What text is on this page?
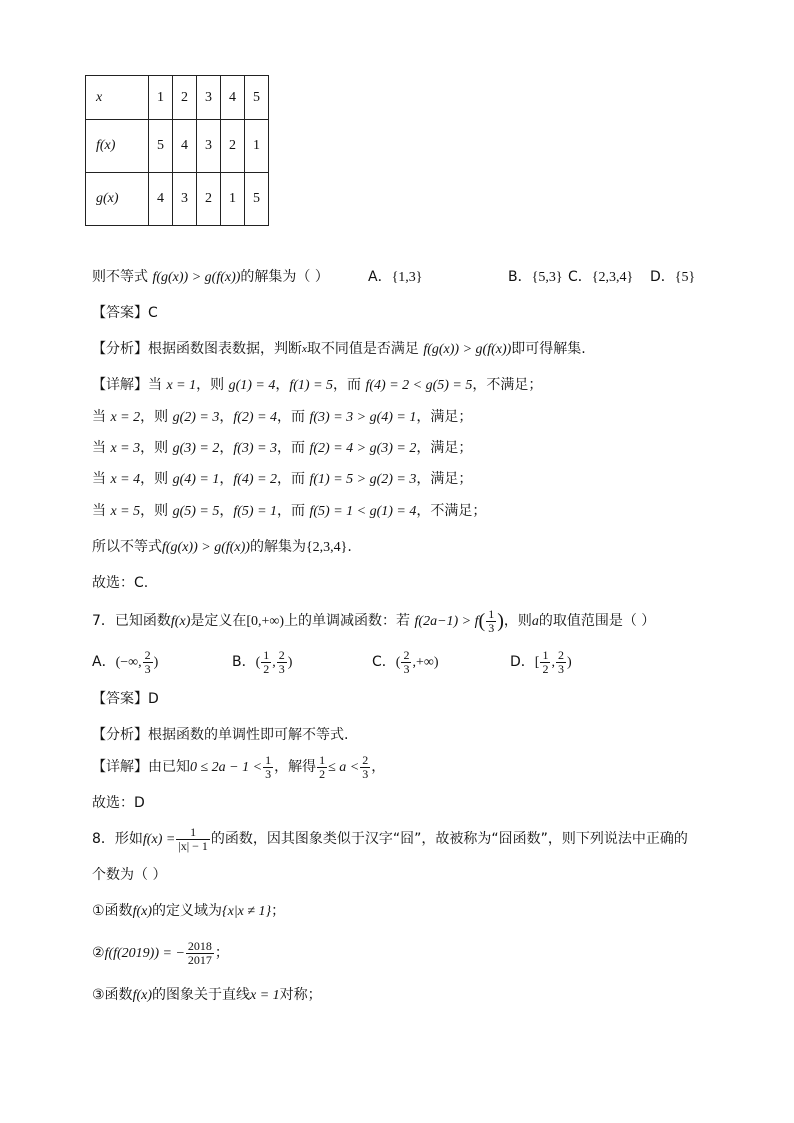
x	1	2	3	4	5
f(x)	5	4	3	2	1
g(x)	4	3	2	1	5
则不等式 f(g(x)) > g(f(x))的解集为（ ）	A．{1,3}	B．{5,3} C．{2,3,4} D．{5}
【答案】C
【分析】根据函数图表数据，判断$^x$取不同值是否满足 f(g(x)) > g(f(x))即可得解集.
【详解】当 x = 1，则 g(1) = 4，f(1) = 5，而 f(4) = 2 < g(5) = 5，不满足；
当 x = 2，则 g(2) = 3，f(2) = 4，而 f(3) = 3 > g(4) = 1，满足；
当 x = 3，则 g(3) = 2，f(3) = 3，而 f(2) = 4 > g(3) = 2，满足；
当 x = 4，则 g(4) = 1，f(4) = 2，而 f(1) = 5 > g(2) = 3，满足；
当 x = 5，则 g(5) = 5，f(5) = 1，而 f(5) = 1 < g(1) = 4，不满足；
所以不等式f(g(x)) > g(f(x))的解集为{2,3,4}.
故选：C.
7．已知函数f(x)是定义在[0,+∞)上的单调减函数：若 $f(2a-1) > f( \frac{1}{3}$ )，则a的取值范围是（ ）
A．(−∞, $\frac{2}{3}$ )	B．( $\frac{1}{2}$ , $\frac{2}{3}$ )	C．( $\frac{2}{3}$ ,+∞)	D．[ $\frac{1}{2}$ , $\frac{2}{3}$ )
【答案】D
【分析】根据函数的单调性即可解不等式.
【详解】由已知$0 \le 2a - 1 < \frac{1}{3}$ ，解得 $\frac{1}{2} \le a < \frac{2}{3}$ ，
故选：D
8．形如$f(x) = \frac{1}{|x| - 1}$ 的函数，因其图象类似于汉字“囧”，故被称为“囧函数”，则下列说法中正确的
个数为（ ）
①函数f(x)的定义域为{x|x ≠ 1}；
②f(f(2019)) = − $\frac{2018}{2017}$ ；
③函数f(x)的图象关于直线x = 1对称；
